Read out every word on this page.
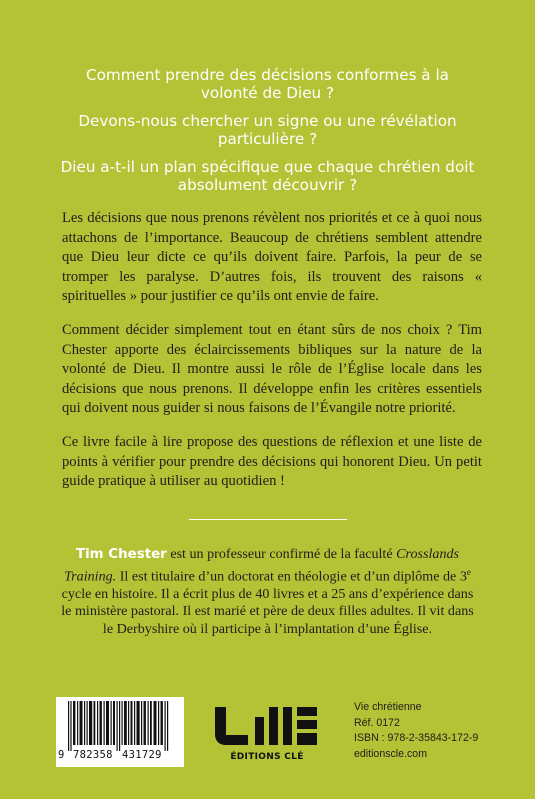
Comment prendre des décisions conformes à la volonté de Dieu ?

Devons-nous chercher un signe ou une révélation particulière ?

Dieu a-t-il un plan spécifique que chaque chrétien doit absolument découvrir ?

Les décisions que nous prenons révèlent nos priorités et ce à quoi nous attachons de l’importance. Beaucoup de chrétiens semblent attendre que Dieu leur dicte ce qu’ils doivent faire. Parfois, la peur de se tromper les paralyse. D’autres fois, ils trouvent des raisons « spirituelles » pour justifier ce qu’ils ont envie de faire.

Comment décider simplement tout en étant sûrs de nos choix ? Tim Chester apporte des éclaircissements bibliques sur la nature de la volonté de Dieu. Il montre aussi le rôle de l’Église locale dans les décisions que nous prenons. Il développe enfin les critères essentiels qui doivent nous guider si nous faisons de l’Évangile notre priorité.

Ce livre facile à lire propose des questions de réflexion et une liste de points à vérifier pour prendre des décisions qui honorent Dieu. Un petit guide pratique à utiliser au quotidien !

Tim Chester est un professeur confirmé de la faculté Crosslands Training. Il est titulaire d’un doctorat en théologie et d’un diplôme de 3e cycle en histoire. Il a écrit plus de 40 livres et a 25 ans d’expérience dans le ministère pastoral. Il est marié et père de deux filles adultes. Il vit dans le Derbyshire où il participe à l’implantation d’une Église.
9 782358 431729	ÉDITIONS CLÉ
Vie chrétienne
Réf. 0172
ISBN : 978-2-35843-172-9
editionscle.com
